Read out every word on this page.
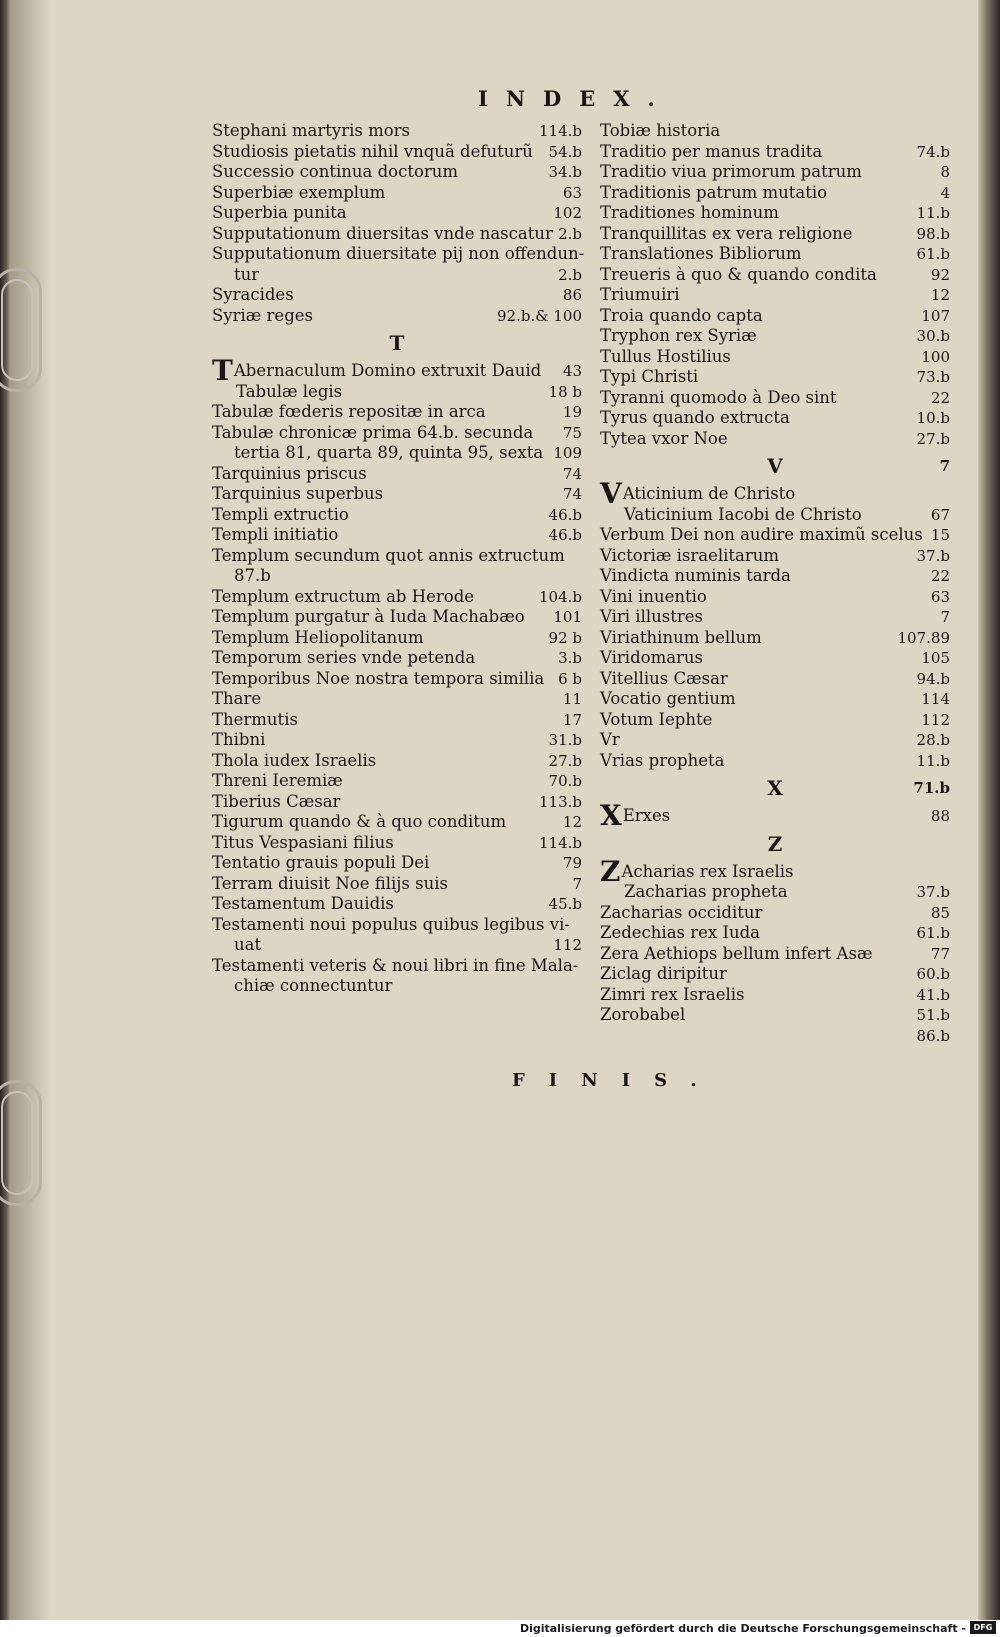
INDEX.
Stephani martyris mors	114.b
Studiosis pietatis nihil vnquã defuturũ 54.b
Successio continua doctorum	34.b
Superbiæ exemplum	63
Superbia punita	102
Supputationum diuersitas vnde nascatur 2.b
Supputationum diuersitate pij non offendun-
tur	2.b
Syracides	86
Syriæ reges	92.b.& 100
T
TAbernaculum Domino extruxit Dauid 43
Tabulæ legis	18 b
Tabulæ fœderis repositæ in arca	19
Tabulæ chronicæ prima 64.b. secunda 75
tertia 81, quarta 89, quinta 95, sexta 109
Tarquinius priscus	74
Tarquinius superbus	74
Templi extructio	46.b
Templi initiatio	46.b
Templum secundum quot annis extructum
87.b
Templum extructum ab Herode	104.b
Templum purgatur à Iuda Machabæo 101
Templum Heliopolitanum	92 b
Temporum series vnde petenda	3.b
Temporibus Noe nostra tempora similia 6 b
Thare	11
Thermutis	17
Thibni	31.b
Thola iudex Israelis	27.b
Threni Ieremiæ	70.b
Tiberius Cæsar	113.b
Tigurum quando & à quo conditum	12
Titus Vespasiani filius	114.b
Tentatio grauis populi Dei	79
Terram diuisit Noe filijs suis	7
Testamentum Dauidis	45.b
Testamenti noui populus quibus legibus vi-
uat	112
Testamenti veteris & noui libri in fine Mala-
chiæ connectuntur
Tobiæ historia
Traditio per manus tradita	74.b
Traditio viua primorum patrum	8
Traditionis patrum mutatio	4
Traditiones hominum	11.b
Tranquillitas ex vera religione	98.b
Translationes Bibliorum	61.b
Treueris à quo & quando condita	92
Triumuiri	12
Troia quando capta	107
Tryphon rex Syriæ	30.b
Tullus Hostilius	100
Typi Christi	73.b
Tyranni quomodo à Deo sint	22
Tyrus quando extructa	10.b
Tytea vxor Noe	27.b
V	7
VAticinium de Christo
Vaticinium Iacobi de Christo	67
Verbum Dei non audire maximũ scelus 15
Victoriæ israelitarum	37.b
Vindicta numinis tarda	22
Vini inuentio	63
Viri illustres	7
Viriathinum bellum	107.89
Viridomarus	105
Vitellius Cæsar	94.b
Vocatio gentium	114
Votum Iephte	112
Vr	28.b
Vrias propheta	11.b
X	71.b
XErxes	88
Z
ZAcharias rex Israelis
Zacharias propheta	37.b
Zacharias occiditur	85
Zedechias rex Iuda	61.b
Zera Aethiops bellum infert Asæ	77
Ziclag diripitur	60.b
Zimri rex Israelis	41.b
Zorobabel	51.b
86.b
FINIS.
Digitalisierung gefördert durch die Deutsche Forschungsgemeinschaft - DFG
